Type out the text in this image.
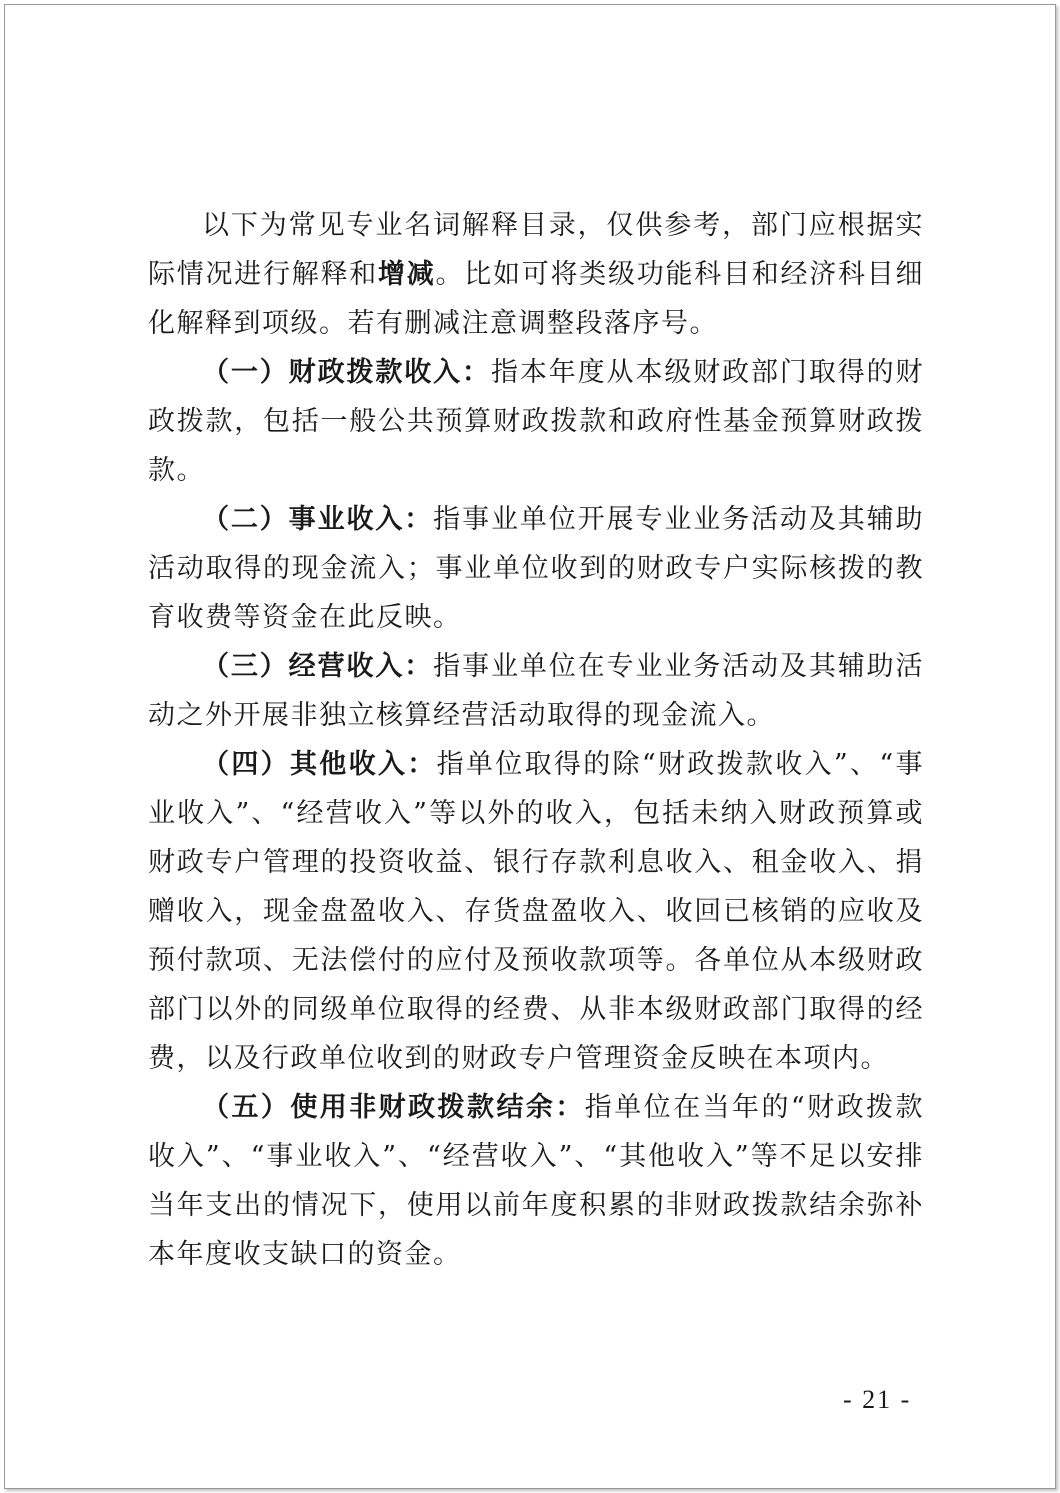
以下为常见专业名词解释目录，仅供参考，部门应根据实际情况进行解释和增减。比如可将类级功能科目和经济科目细化解释到项级。若有删减注意调整段落序号。

（一）财政拨款收入：指本年度从本级财政部门取得的财政拨款，包括一般公共预算财政拨款和政府性基金预算财政拨款。

（二）事业收入：指事业单位开展专业业务活动及其辅助活动取得的现金流入；事业单位收到的财政专户实际核拨的教育收费等资金在此反映。

（三）经营收入：指事业单位在专业业务活动及其辅助活动之外开展非独立核算经营活动取得的现金流入。

（四）其他收入：指单位取得的除“财政拨款收入”、“事业收入”、“经营收入”等以外的收入，包括未纳入财政预算或财政专户管理的投资收益、银行存款利息收入、租金收入、捐赠收入，现金盘盈收入、存货盘盈收入、收回已核销的应收及预付款项、无法偿付的应付及预收款项等。各单位从本级财政部门以外的同级单位取得的经费、从非本级财政部门取得的经费，以及行政单位收到的财政专户管理资金反映在本项内。

（五）使用非财政拨款结余：指单位在当年的“财政拨款收入”、“事业收入”、“经营收入”、“其他收入”等不足以安排当年支出的情况下，使用以前年度积累的非财政拨款结余弥补本年度收支缺口的资金。

- 21 -
